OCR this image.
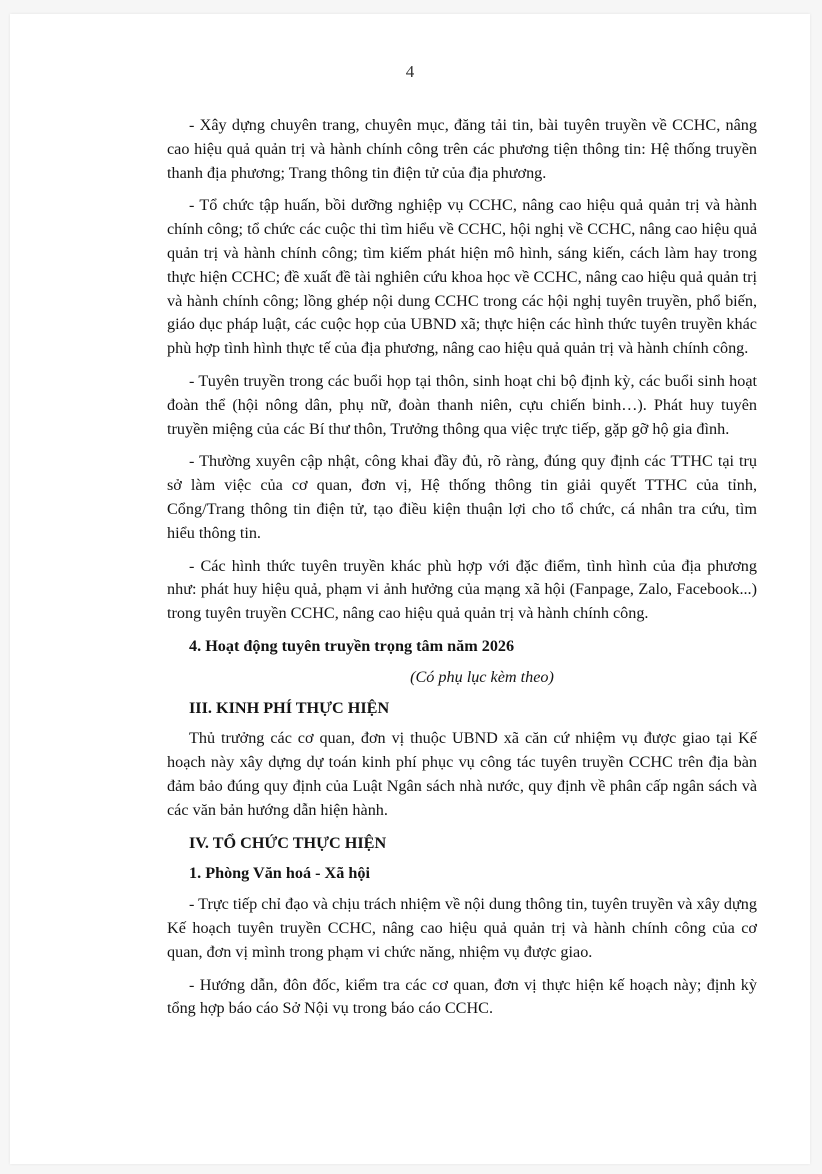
4

- Xây dựng chuyên trang, chuyên mục, đăng tải tin, bài tuyên truyền về CCHC, nâng cao hiệu quả quản trị và hành chính công trên các phương tiện thông tin: Hệ thống truyền thanh địa phương; Trang thông tin điện tử của địa phương.

- Tổ chức tập huấn, bồi dưỡng nghiệp vụ CCHC, nâng cao hiệu quả quản trị và hành chính công; tổ chức các cuộc thi tìm hiểu về CCHC, hội nghị về CCHC, nâng cao hiệu quả quản trị và hành chính công; tìm kiếm phát hiện mô hình, sáng kiến, cách làm hay trong thực hiện CCHC; đề xuất đề tài nghiên cứu khoa học về CCHC, nâng cao hiệu quả quản trị và hành chính công; lồng ghép nội dung CCHC trong các hội nghị tuyên truyền, phổ biến, giáo dục pháp luật, các cuộc họp của UBND xã; thực hiện các hình thức tuyên truyền khác phù hợp tình hình thực tế của địa phương, nâng cao hiệu quả quản trị và hành chính công.

- Tuyên truyền trong các buổi họp tại thôn, sinh hoạt chi bộ định kỳ, các buổi sinh hoạt đoàn thể (hội nông dân, phụ nữ, đoàn thanh niên, cựu chiến binh…). Phát huy tuyên truyền miệng của các Bí thư thôn, Trưởng thông qua việc trực tiếp, gặp gỡ hộ gia đình.

- Thường xuyên cập nhật, công khai đầy đủ, rõ ràng, đúng quy định các TTHC tại trụ sở làm việc của cơ quan, đơn vị, Hệ thống thông tin giải quyết TTHC của tỉnh, Cổng/Trang thông tin điện tử, tạo điều kiện thuận lợi cho tổ chức, cá nhân tra cứu, tìm hiểu thông tin.

- Các hình thức tuyên truyền khác phù hợp với đặc điểm, tình hình của địa phương như: phát huy hiệu quả, phạm vi ảnh hưởng của mạng xã hội (Fanpage, Zalo, Facebook...) trong tuyên truyền CCHC, nâng cao hiệu quả quản trị và hành chính công.

4. Hoạt động tuyên truyền trọng tâm năm 2026

(Có phụ lục kèm theo)

III. KINH PHÍ THỰC HIỆN

Thủ trưởng các cơ quan, đơn vị thuộc UBND xã căn cứ nhiệm vụ được giao tại Kế hoạch này xây dựng dự toán kinh phí phục vụ công tác tuyên truyền CCHC trên địa bàn đảm bảo đúng quy định của Luật Ngân sách nhà nước, quy định về phân cấp ngân sách và các văn bản hướng dẫn hiện hành.

IV. TỔ CHỨC THỰC HIỆN

1. Phòng Văn hoá - Xã hội

- Trực tiếp chỉ đạo và chịu trách nhiệm về nội dung thông tin, tuyên truyền và xây dựng Kế hoạch tuyên truyền CCHC, nâng cao hiệu quả quản trị và hành chính công của cơ quan, đơn vị mình trong phạm vi chức năng, nhiệm vụ được giao.

- Hướng dẫn, đôn đốc, kiểm tra các cơ quan, đơn vị thực hiện kế hoạch này; định kỳ tổng hợp báo cáo Sở Nội vụ trong báo cáo CCHC.
